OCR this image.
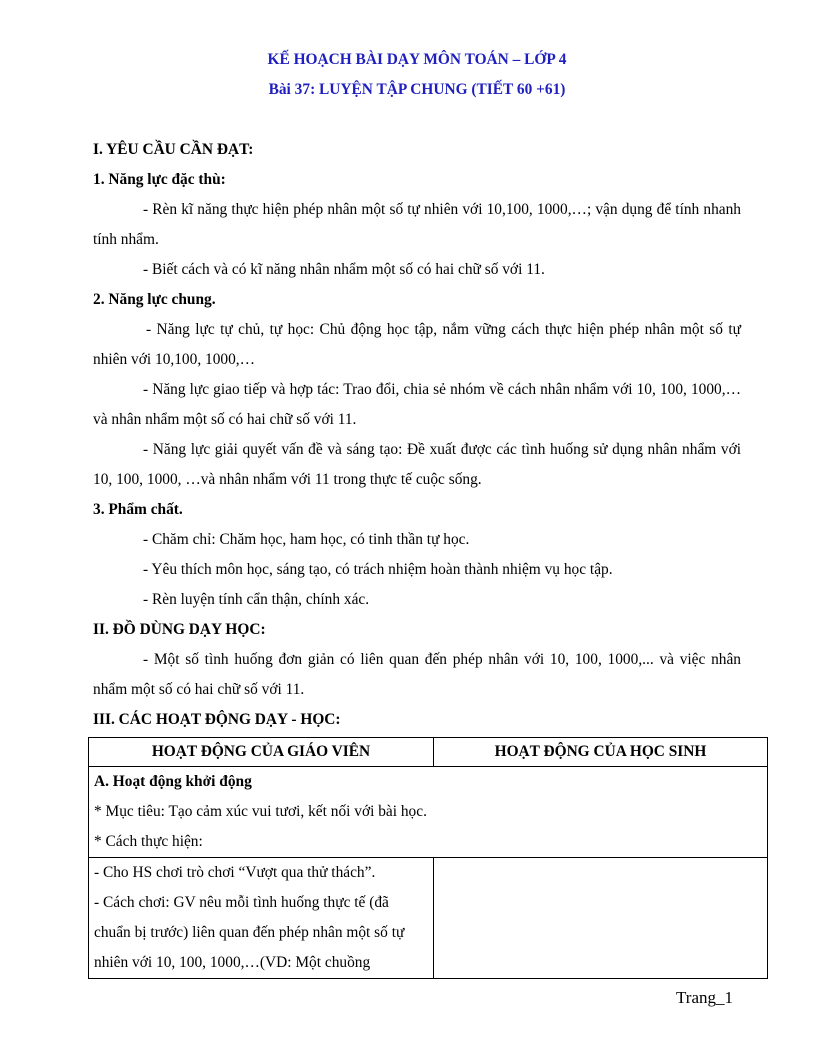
KẾ HOẠCH BÀI DẠY MÔN TOÁN – LỚP 4
Bài 37: LUYỆN TẬP CHUNG (TIẾT 60 +61)
I. YÊU CẦU CẦN ĐẠT:
1. Năng lực đặc thù:

- Rèn kĩ năng thực hiện phép nhân một số tự nhiên với 10,100, 1000,…; vận dụng để tính nhanh tính nhẩm.

- Biết cách và có kĩ năng nhân nhẩm một số có hai chữ số với 11.

2. Năng lực chung.

- Năng lực tự chủ, tự học: Chủ động học tập, nắm vững cách thực hiện phép nhân một số tự nhiên với 10,100, 1000,…

- Năng lực giao tiếp và hợp tác: Trao đổi, chia sẻ nhóm về cách nhân nhẩm với 10, 100, 1000,…và nhân nhẩm một số có hai chữ số với 11.

- Năng lực giải quyết vấn đề và sáng tạo: Đề xuất được các tình huống sử dụng nhân nhẩm với 10, 100, 1000, …và nhân nhẩm với 11 trong thực tế cuộc sống.

3. Phẩm chất.

- Chăm chỉ: Chăm học, ham học, có tinh thần tự học.

- Yêu thích môn học, sáng tạo, có trách nhiệm hoàn thành nhiệm vụ học tập.

- Rèn luyện tính cẩn thận, chính xác.

II. ĐỒ DÙNG DẠY HỌC:

- Một số tình huống đơn giản có liên quan đến phép nhân với 10, 100, 1000,... và việc nhân nhẩm một số có hai chữ số với 11.

III. CÁC HOẠT ĐỘNG DẠY - HỌC:
HOẠT ĐỘNG CỦA GIÁO VIÊN	HOẠT ĐỘNG CỦA HỌC SINH

A. Hoạt động khởi động
* Mục tiêu: Tạo cảm xúc vui tươi, kết nối với bài học.
* Cách thực hiện:	

- Cho HS chơi trò chơi “Vượt qua thử thách”.
- Cách chơi: GV nêu mỗi tình huống thực tế (đã chuẩn bị trước) liên quan đến phép nhân một số tự nhiên với 10, 100, 1000,…(VD: Một chuồng	

Trang_1
